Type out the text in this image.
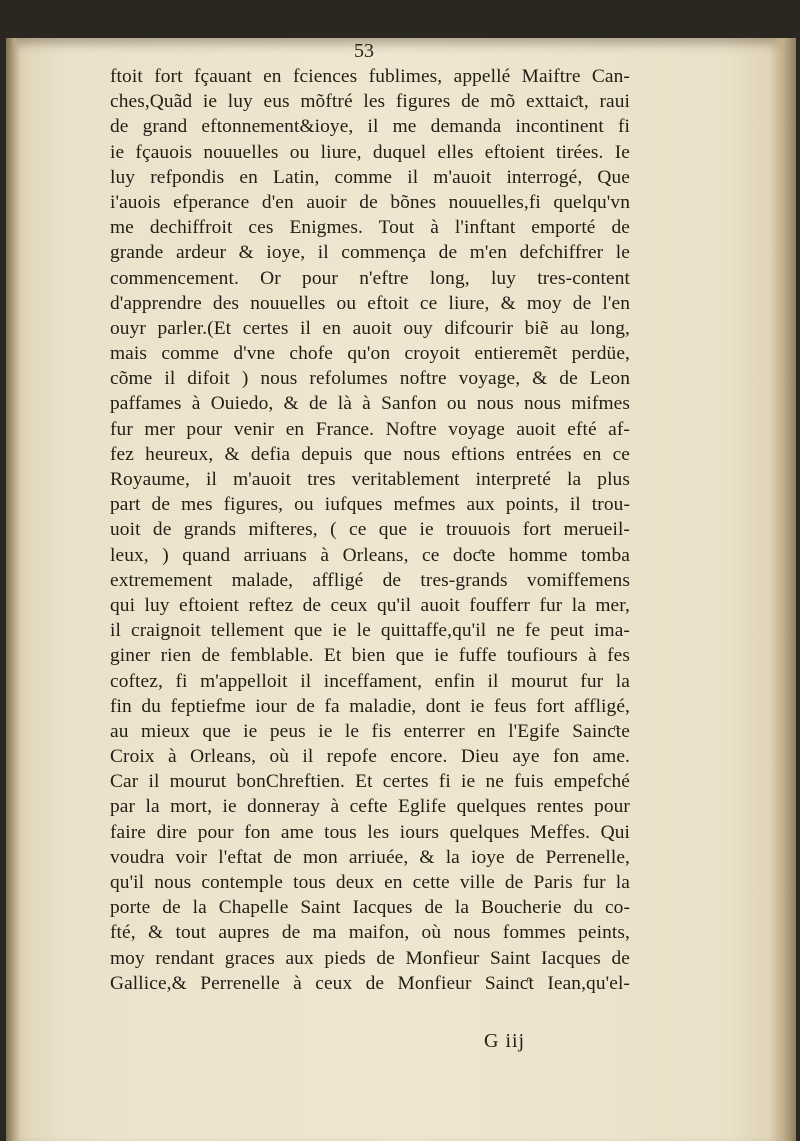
53
ftoit fort fçauant en fciences fublimes, appellé Maiftre Can-
ches,Quãd ie luy eus mõftré les figures de mõ exttaiƈt, raui
de grand eftonnement&ioye, il me demanda incontinent fi
ie fçauois nouuelles ou liure, duquel elles eftoient tirées. Ie
luy refpondis en Latin, comme il m'auoit interrogé, Que
i'auois efperance d'en auoir de bõnes nouuelles,fi quelqu'vn
me dechiffroit ces Enigmes. Tout à l'inftant emporté de
grande ardeur & ioye, il commença de m'en defchiffrer le
commencement. Or pour n'eftre long, luy tres-content
d'apprendre des nouuelles ou eftoit ce liure, & moy de l'en
ouyr parler.(Et certes il en auoit ouy difcourir biẽ au long,
mais comme d'vne chofe qu'on croyoit entieremẽt perdüe,
cõme il difoit ) nous refolumes noftre voyage, & de Leon
paffames à Ouiedo, & de là à Sanfon ou nous nous mifmes
fur mer pour venir en France. Noftre voyage auoit efté af-
fez heureux, & defia depuis que nous eftions entrées en ce
Royaume, il m'auoit tres veritablement interpreté la plus
part de mes figures, ou iufques mefmes aux points, il trou-
uoit de grands mifteres, ( ce que ie trouuois fort merueil-
leux, ) quand arriuans à Orleans, ce doƈte homme tomba
extremement malade, affligé de tres-grands vomiffemens
qui luy eftoient reftez de ceux qu'il auoit foufferr fur la mer,
il craignoit tellement que ie le quittaffe,qu'il ne fe peut ima-
giner rien de femblable. Et bien que ie fuffe toufiours à fes
coftez, fi m'appelloit il inceffament, enfin il mourut fur la
fin du feptiefme iour de fa maladie, dont ie feus fort affligé,
au mieux que ie peus ie le fis enterrer en l'Egife Sainƈte
Croix à Orleans, où il repofe encore. Dieu aye fon ame.
Car il mourut bonChreftien. Et certes fi ie ne fuis empefché
par la mort, ie donneray à cefte Eglife quelques rentes pour
faire dire pour fon ame tous les iours quelques Meffes. Qui
voudra voir l'eftat de mon arriuée, & la ioye de Perrenelle,
qu'il nous contemple tous deux en cette ville de Paris fur la
porte de la Chapelle Saint Iacques de la Boucherie du co-
fté, & tout aupres de ma maifon, où nous fommes peints,
moy rendant graces aux pieds de Monfieur Saint Iacques de
Gallice,& Perrenelle à ceux de Monfieur Sainƈt Iean,qu'el-
G iij
